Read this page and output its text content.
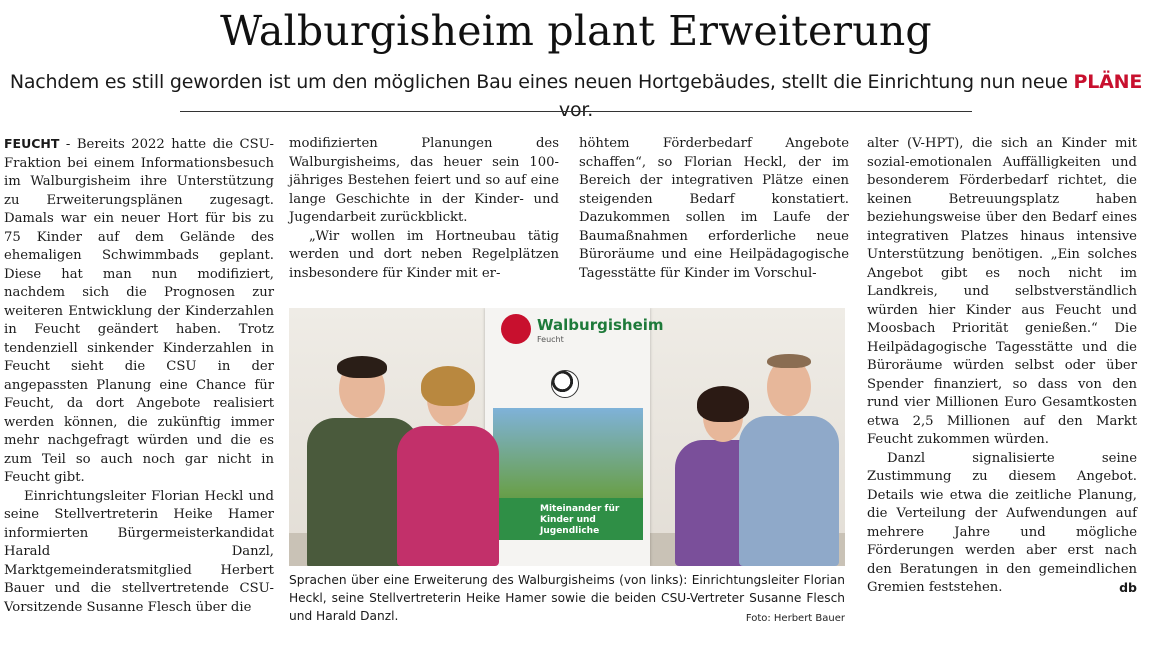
Walburgisheim plant Erweiterung
Nachdem es still geworden ist um den möglichen Bau eines neuen Hortgebäudes, stellt die Einrichtung nun neue PLÄNE vor.

FEUCHT - Bereits 2022 hatte die CSU-Fraktion bei einem Informationsbesuch im Walburgisheim ihre Unterstützung zu Erweiterungsplänen zugesagt. Damals war ein neuer Hort für bis zu 75 Kinder auf dem Gelände des ehemaligen Schwimmbads geplant. Diese hat man nun modifiziert, nachdem sich die Prognosen zur weiteren Entwicklung der Kinderzahlen in Feucht geändert haben. Trotz tendenziell sinkender Kinderzahlen in Feucht sieht die CSU in der angepassten Planung eine Chance für Feucht, da dort Angebote realisiert werden können, die zukünftig immer mehr nachgefragt würden und die es zum Teil so auch noch gar nicht in Feucht gibt.

Einrichtungsleiter Florian Heckl und seine Stellvertreterin Heike Hamer informierten Bürgermeisterkandidat Harald Danzl, Marktgemeinderatsmitglied Herbert Bauer und die stellvertretende CSU-Vorsitzende Susanne Flesch über die

modifizierten Planungen des Walburgisheims, das heuer sein 100-jähriges Bestehen feiert und so auf eine lange Geschichte in der Kinder- und Jugendarbeit zurückblickt.

„Wir wollen im Hortneubau tätig werden und dort neben Regelplätzen insbesondere für Kinder mit er-

höhtem Förderbedarf Angebote schaffen“, so Florian Heckl, der im Bereich der integrativen Plätze einen steigenden Bedarf konstatiert. Dazukommen sollen im Laufe der Baumaßnahmen erforderliche neue Büroräume und eine Heilpädagogische Tagesstätte für Kinder im Vorschul-

alter (V-HPT), die sich an Kinder mit sozial-emotionalen Auffälligkeiten und besonderem Förderbedarf richtet, die keinen Betreuungsplatz haben beziehungsweise über den Bedarf eines integrativen Platzes hinaus intensive Unterstützung benötigen. „Ein solches Angebot gibt es noch nicht im Landkreis, und selbstverständlich würden hier Kinder aus Feucht und Moosbach Priorität genießen.“ Die Heilpädagogische Tagesstätte und die Büroräume würden selbst oder über Spender finanziert, so dass von den rund vier Millionen Euro Gesamtkosten etwa 2,5 Millionen auf den Markt Feucht zukommen würden.

Danzl signalisierte seine Zustimmung zu diesem Angebot. Details wie etwa die zeitliche Planung, die Verteilung der Aufwendungen auf mehrere Jahre und mögliche Förderungen werden aber erst nach den Beratungen in den gemeindlichen Gremien feststehen.	db

Walburgisheim
Feucht
Miteinander für Kinder und Jugendliche
Sprachen über eine Erweiterung des Walburgisheims (von links): Einrichtungsleiter Florian Heckl, seine Stellvertreterin Heike Hamer sowie die beiden CSU-Vertreter Susanne Flesch und Harald Danzl.	Foto: Herbert Bauer
